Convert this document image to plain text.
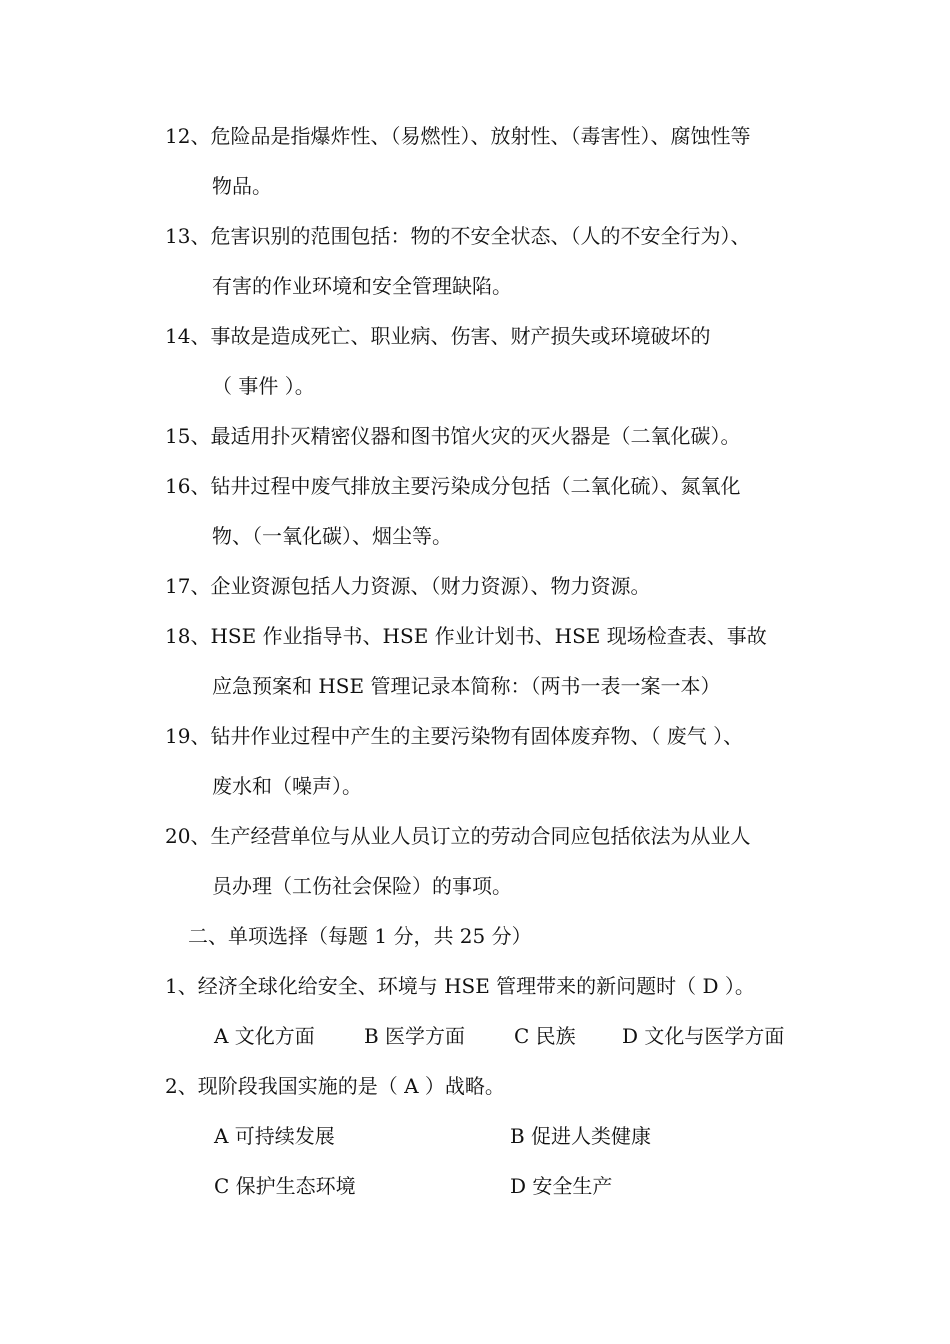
12、危险品是指爆炸性、（易燃性）、放射性、（毒害性）、腐蚀性等
物品。
13、危害识别的范围包括：物的不安全状态、（人的不安全行为）、
有害的作业环境和安全管理缺陷。
14、事故是造成死亡、职业病、伤害、财产损失或环境破坏的
（ 事件 ）。
15、最适用扑灭精密仪器和图书馆火灾的灭火器是（二氧化碳）。
16、钻井过程中废气排放主要污染成分包括（二氧化硫）、氮氧化
物、（一氧化碳）、烟尘等。
17、企业资源包括人力资源、（财力资源）、物力资源。
18、HSE 作业指导书、HSE 作业计划书、HSE 现场检查表、事故
应急预案和 HSE 管理记录本简称：（两书一表一案一本）
19、钻井作业过程中产生的主要污染物有固体废弃物、（ 废气 ）、
废水和（噪声）。
20、生产经营单位与从业人员订立的劳动合同应包括依法为从业人
员办理（工伤社会保险）的事项。
二、单项选择（每题 1 分，共 25 分）
1、经济全球化给安全、环境与 HSE 管理带来的新问题时（ D ）。
A 文化方面 B 医学方面 C 民族 D 文化与医学方面
2、现阶段我国实施的是（ A ）战略。
A 可持续发展	B 促进人类健康
C 保护生态环境	D 安全生产
